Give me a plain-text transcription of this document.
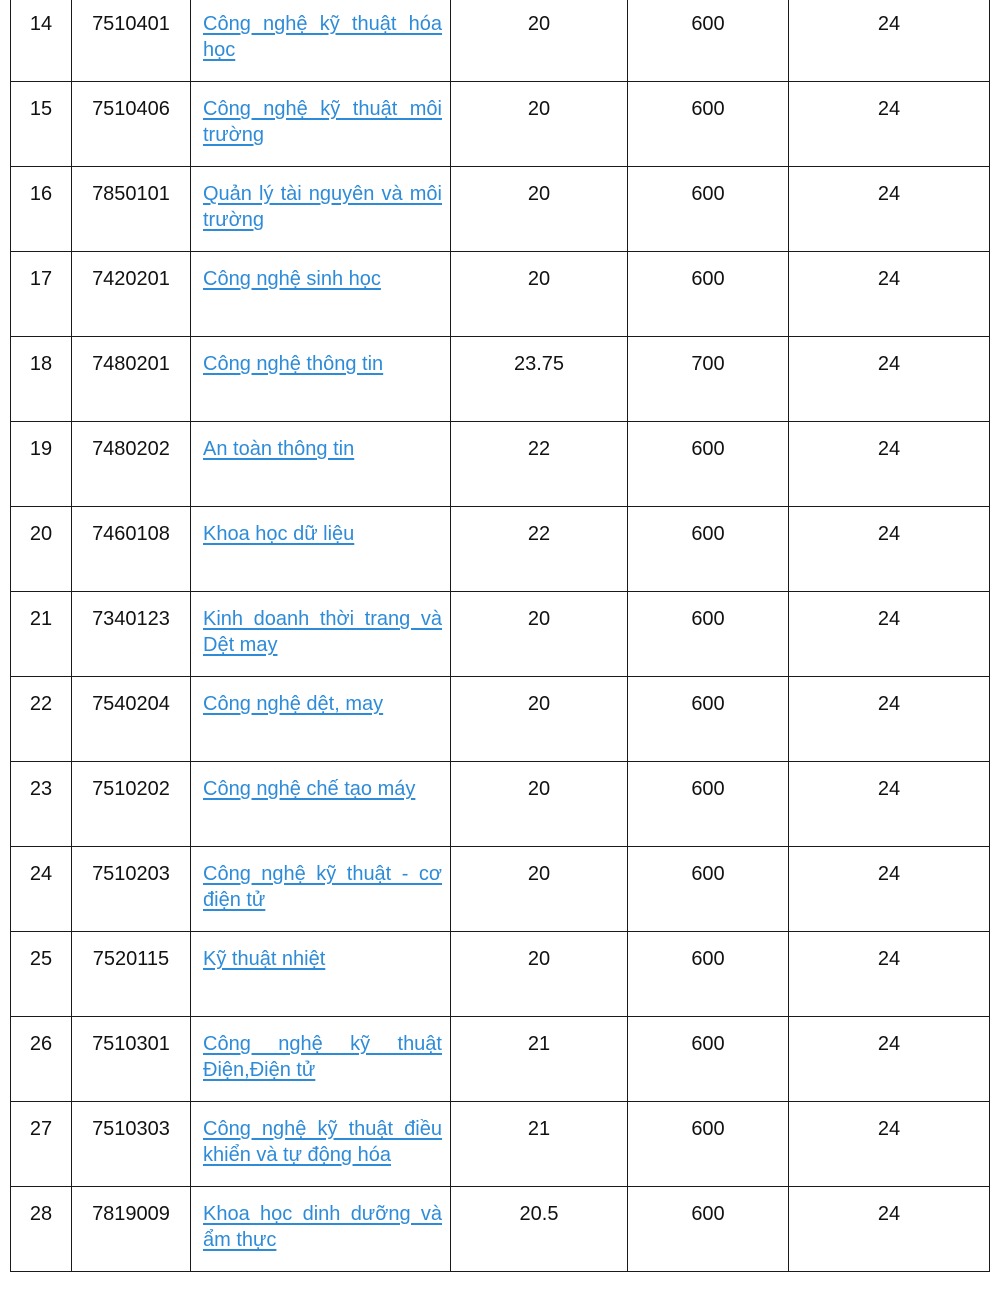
14	7510401	Công nghệ kỹ thuật hóa học	20	600	24
15	7510406	Công nghệ kỹ thuật môi trường	20	600	24
16	7850101	Quản lý tài nguyên và môi trường	20	600	24
17	7420201	Công nghệ sinh học	20	600	24
18	7480201	Công nghệ thông tin	23.75	700	24
19	7480202	An toàn thông tin	22	600	24
20	7460108	Khoa học dữ liệu	22	600	24
21	7340123	Kinh doanh thời trang và Dệt may	20	600	24
22	7540204	Công nghệ dệt, may	20	600	24
23	7510202	Công nghệ chế tạo máy	20	600	24
24	7510203	Công nghệ kỹ thuật - cơ điện tử	20	600	24
25	7520115	Kỹ thuật nhiệt	20	600	24
26	7510301	Công nghệ kỹ thuật Điện,Điện tử	21	600	24
27	7510303	Công nghệ kỹ thuật điều khiển và tự động hóa	21	600	24
28	7819009	Khoa học dinh dưỡng và ẩm thực	20.5	600	24
